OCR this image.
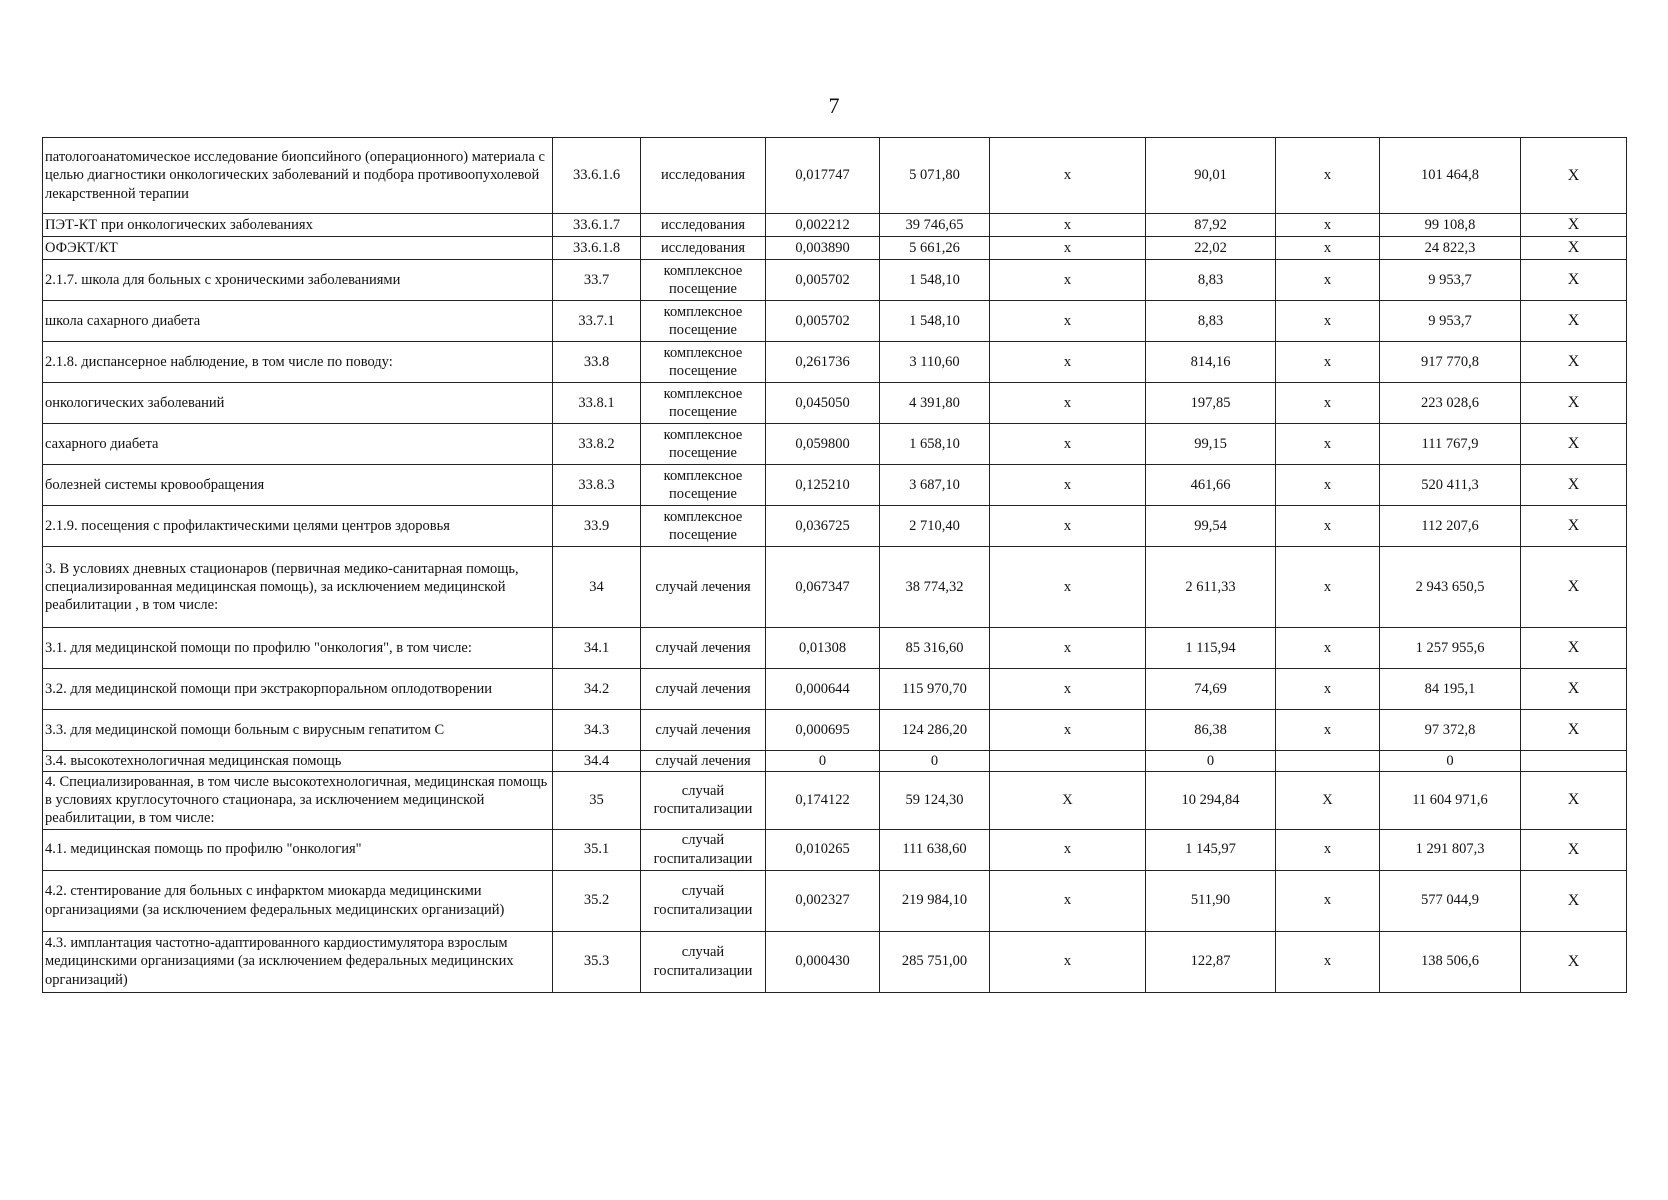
7
патологоанатомическое исследование биопсийного (операционного) материала с целью диагностики онкологических заболеваний и подбора противоопухолевой лекарственной терапии	33.6.1.6	исследования	0,017747	5 071,80	х	90,01	х	101 464,8	Х
ПЭТ-КТ при онкологических заболеваниях	33.6.1.7	исследования	0,002212	39 746,65	х	87,92	х	99 108,8	Х
ОФЭКТ/КТ	33.6.1.8	исследования	0,003890	5 661,26	х	22,02	х	24 822,3	Х
2.1.7. школа для больных с хроническими заболеваниями	33.7	комплексное посещение	0,005702	1 548,10	х	8,83	х	9 953,7	Х
школа сахарного диабета	33.7.1	комплексное посещение	0,005702	1 548,10	х	8,83	х	9 953,7	Х
2.1.8. диспансерное наблюдение, в том числе по поводу:	33.8	комплексное посещение	0,261736	3 110,60	х	814,16	х	917 770,8	Х
онкологических заболеваний	33.8.1	комплексное посещение	0,045050	4 391,80	х	197,85	х	223 028,6	Х
сахарного диабета	33.8.2	комплексное посещение	0,059800	1 658,10	х	99,15	х	111 767,9	Х
болезней системы кровообращения	33.8.3	комплексное посещение	0,125210	3 687,10	х	461,66	х	520 411,3	Х
2.1.9. посещения с профилактическими целями центров здоровья	33.9	комплексное посещение	0,036725	2 710,40	х	99,54	х	112 207,6	Х
3. В условиях дневных стационаров (первичная медико-санитарная помощь, специализированная медицинская помощь), за исключением медицинской реабилитации , в том числе:	34	случай лечения	0,067347	38 774,32	х	2 611,33	х	2 943 650,5	Х
3.1. для медицинской помощи по профилю "онкология", в том числе:	34.1	случай лечения	0,01308	85 316,60	х	1 115,94	х	1 257 955,6	Х
3.2. для медицинской помощи при экстракорпоральном оплодотворении	34.2	случай лечения	0,000644	115 970,70	х	74,69	х	84 195,1	Х
3.3. для медицинской помощи больным с вирусным гепатитом С	34.3	случай лечения	0,000695	124 286,20	х	86,38	х	97 372,8	Х
3.4. высокотехнологичная медицинская помощь	34.4	случай лечения	0	0		0		0	
4. Специализированная, в том числе высокотехнологичная, медицинская помощь в условиях круглосуточного стационара, за исключением медицинской реабилитации, в том числе:	35	случай госпитализации	0,174122	59 124,30	Х	10 294,84	Х	11 604 971,6	Х
4.1. медицинская помощь по профилю "онкология"	35.1	случай госпитализации	0,010265	111 638,60	х	1 145,97	х	1 291 807,3	Х
4.2. стентирование для больных с инфарктом миокарда медицинскими организациями (за исключением федеральных медицинских организаций)	35.2	случай госпитализации	0,002327	219 984,10	х	511,90	х	577 044,9	Х
4.3. имплантация частотно-адаптированного кардиостимулятора взрослым медицинскими организациями (за исключением федеральных медицинских организаций)	35.3	случай госпитализации	0,000430	285 751,00	х	122,87	х	138 506,6	Х
